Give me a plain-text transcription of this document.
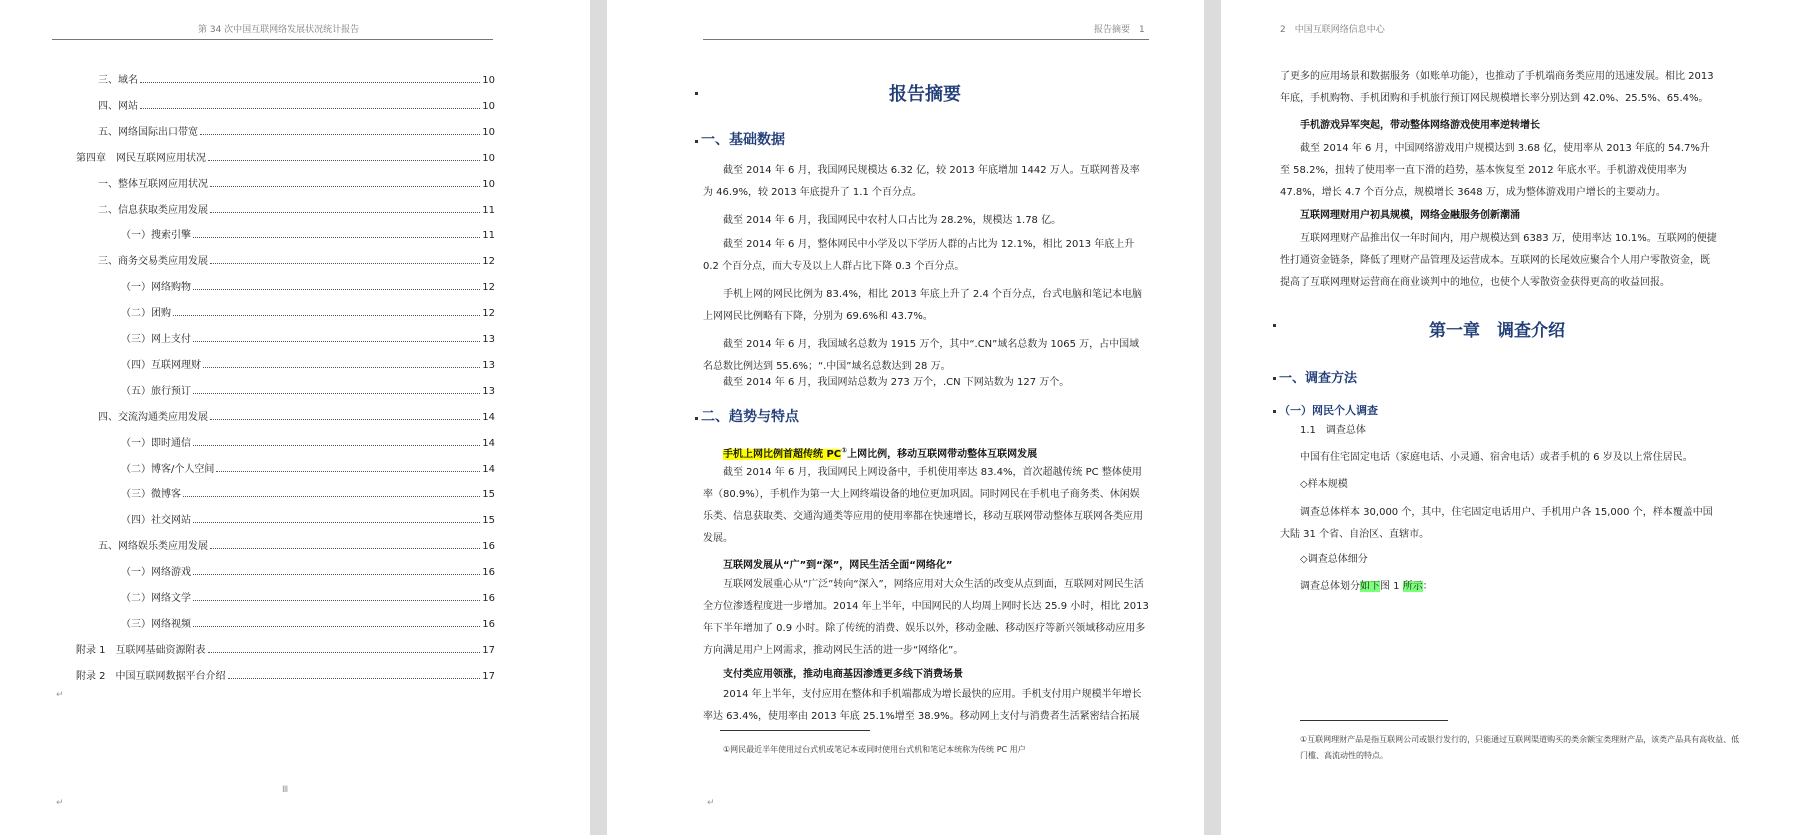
第 34 次中国互联网络发展状况统计报告
三、域名	10
四、网站	10
五、网络国际出口带宽	10
第四章　网民互联网应用状况	10
一、整体互联网应用状况	10
二、信息获取类应用发展	11
（一）搜索引擎	11
三、商务交易类应用发展	12
（一）网络购物	12
（二）团购	12
（三）网上支付	13
（四）互联网理财	13
（五）旅行预订	13
四、交流沟通类应用发展	14
（一）即时通信	14
（二）博客/个人空间	14
（三）微博客	15
（四）社交网站	15
五、网络娱乐类应用发展	16
（一）网络游戏	16
（二）网络文学	16
（三）网络视频	16
附录 1　互联网基础资源附表	17
附录 2　中国互联网数据平台介绍	17
↵
↵
Ⅲ
报告摘要　1
报告摘要
一、基础数据
截至 2014 年 6 月，我国网民规模达 6.32 亿，较 2013 年底增加 1442 万人。互联网普及率为 46.9%，较 2013 年底提升了 1.1 个百分点。
截至 2014 年 6 月，我国网民中农村人口占比为 28.2%，规模达 1.78 亿。
截至 2014 年 6 月，整体网民中小学及以下学历人群的占比为 12.1%，相比 2013 年底上升 0.2 个百分点，而大专及以上人群占比下降 0.3 个百分点。
手机上网的网民比例为 83.4%，相比 2013 年底上升了 2.4 个百分点，台式电脑和笔记本电脑上网网民比例略有下降，分别为 69.6%和 43.7%。
截至 2014 年 6 月，我国域名总数为 1915 万个，其中“.CN”域名总数为 1065 万，占中国域名总数比例达到 55.6%；“.中国”域名总数达到 28 万。
截至 2014 年 6 月，我国网站总数为 273 万个，.CN 下网站数为 127 万个。
二、趋势与特点
手机上网比例首超传统 PC①上网比例，移动互联网带动整体互联网发展
截至 2014 年 6 月，我国网民上网设备中，手机使用率达 83.4%，首次超越传统 PC 整体使用率（80.9%），手机作为第一大上网终端设备的地位更加巩固。同时网民在手机电子商务类、休闲娱乐类、信息获取类、交通沟通类等应用的使用率都在快速增长，移动互联网带动整体互联网各类应用发展。
互联网发展从“广”到“深”，网民生活全面“网络化”
互联网发展重心从“广泛”转向“深入”，网络应用对大众生活的改变从点到面，互联网对网民生活全方位渗透程度进一步增加。2014 年上半年，中国网民的人均周上网时长达 25.9 小时，相比 2013 年下半年增加了 0.9 小时。除了传统的消费、娱乐以外，移动金融、移动医疗等新兴领域移动应用多方向满足用户上网需求，推动网民生活的进一步“网络化”。
支付类应用领涨，推动电商基因渗透更多线下消费场景
2014 年上半年，支付应用在整体和手机端都成为增长最快的应用。手机支付用户规模半年增长率达 63.4%，使用率由 2013 年底 25.1%增至 38.9%。移动网上支付与消费者生活紧密结合拓展
①网民最近半年使用过台式机或笔记本或同时使用台式机和笔记本统称为传统 PC 用户
↵
2　中国互联网络信息中心
了更多的应用场景和数据服务（如账单功能），也推动了手机端商务类应用的迅速发展。相比 2013 年底，手机购物、手机团购和手机旅行预订网民规模增长率分别达到 42.0%、25.5%、65.4%。
手机游戏异军突起，带动整体网络游戏使用率逆转增长
截至 2014 年 6 月，中国网络游戏用户规模达到 3.68 亿，使用率从 2013 年底的 54.7%升至 58.2%，扭转了使用率一直下滑的趋势，基本恢复至 2012 年底水平。手机游戏使用率为 47.8%，增长 4.7 个百分点，规模增长 3648 万，成为整体游戏用户增长的主要动力。
互联网理财用户初具规模，网络金融服务创新潮涌
互联网理财产品推出仅一年时间内，用户规模达到 6383 万，使用率达 10.1%。互联网的便捷性打通资金链条，降低了理财产品管理及运营成本。互联网的长尾效应聚合个人用户零散资金，既提高了互联网理财运营商在商业谈判中的地位，也使个人零散资金获得更高的收益回报。
第一章　调查介绍
一、调查方法
（一）网民个人调查
1.1　调查总体
中国有住宅固定电话（家庭电话、小灵通、宿舍电话）或者手机的 6 岁及以上常住居民。
◇样本规模
调查总体样本 30,000 个，其中，住宅固定电话用户、手机用户各 15,000 个，样本覆盖中国大陆 31 个省、自治区、直辖市。
◇调查总体细分
调查总体划分如下图 1 所示：
①互联网理财产品是指互联网公司或银行发行的，只能通过互联网渠道购买的类余额宝类理财产品，该类产品具有高收益、低门槛、高流动性的特点。
